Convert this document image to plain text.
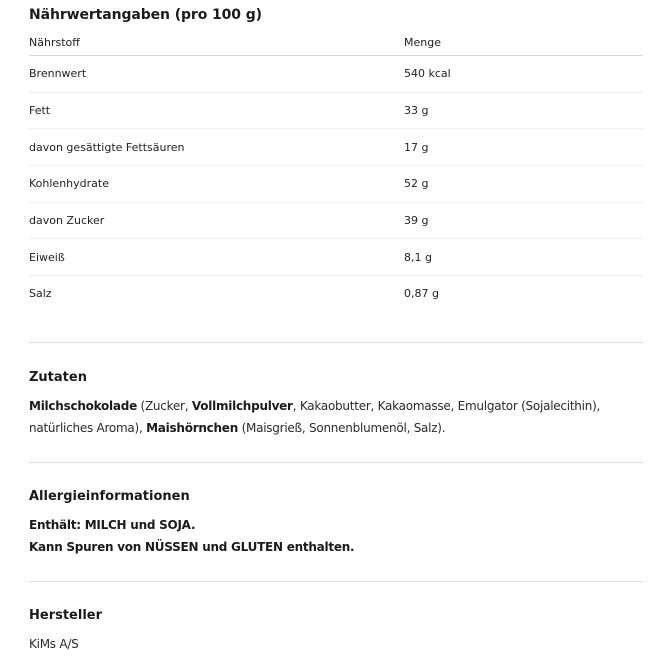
Nährwertangaben (pro 100 g)
Nährstoff	Menge
Brennwert	540 kcal
Fett	33 g
davon gesättigte Fettsäuren	17 g
Kohlenhydrate	52 g
davon Zucker	39 g
Eiweiß	8,1 g
Salz	0,87 g
Zutaten
Milchschokolade (Zucker, Vollmilchpulver, Kakaobutter, Kakaomasse, Emulgator (Sojalecithin), natürliches Aroma), Maishörnchen (Maisgrieß, Sonnenblumenöl, Salz).
Allergieinformationen
Enthält: MILCH und SOJA.
Kann Spuren von NÜSSEN und GLUTEN enthalten.
Hersteller
KiMs A/S
